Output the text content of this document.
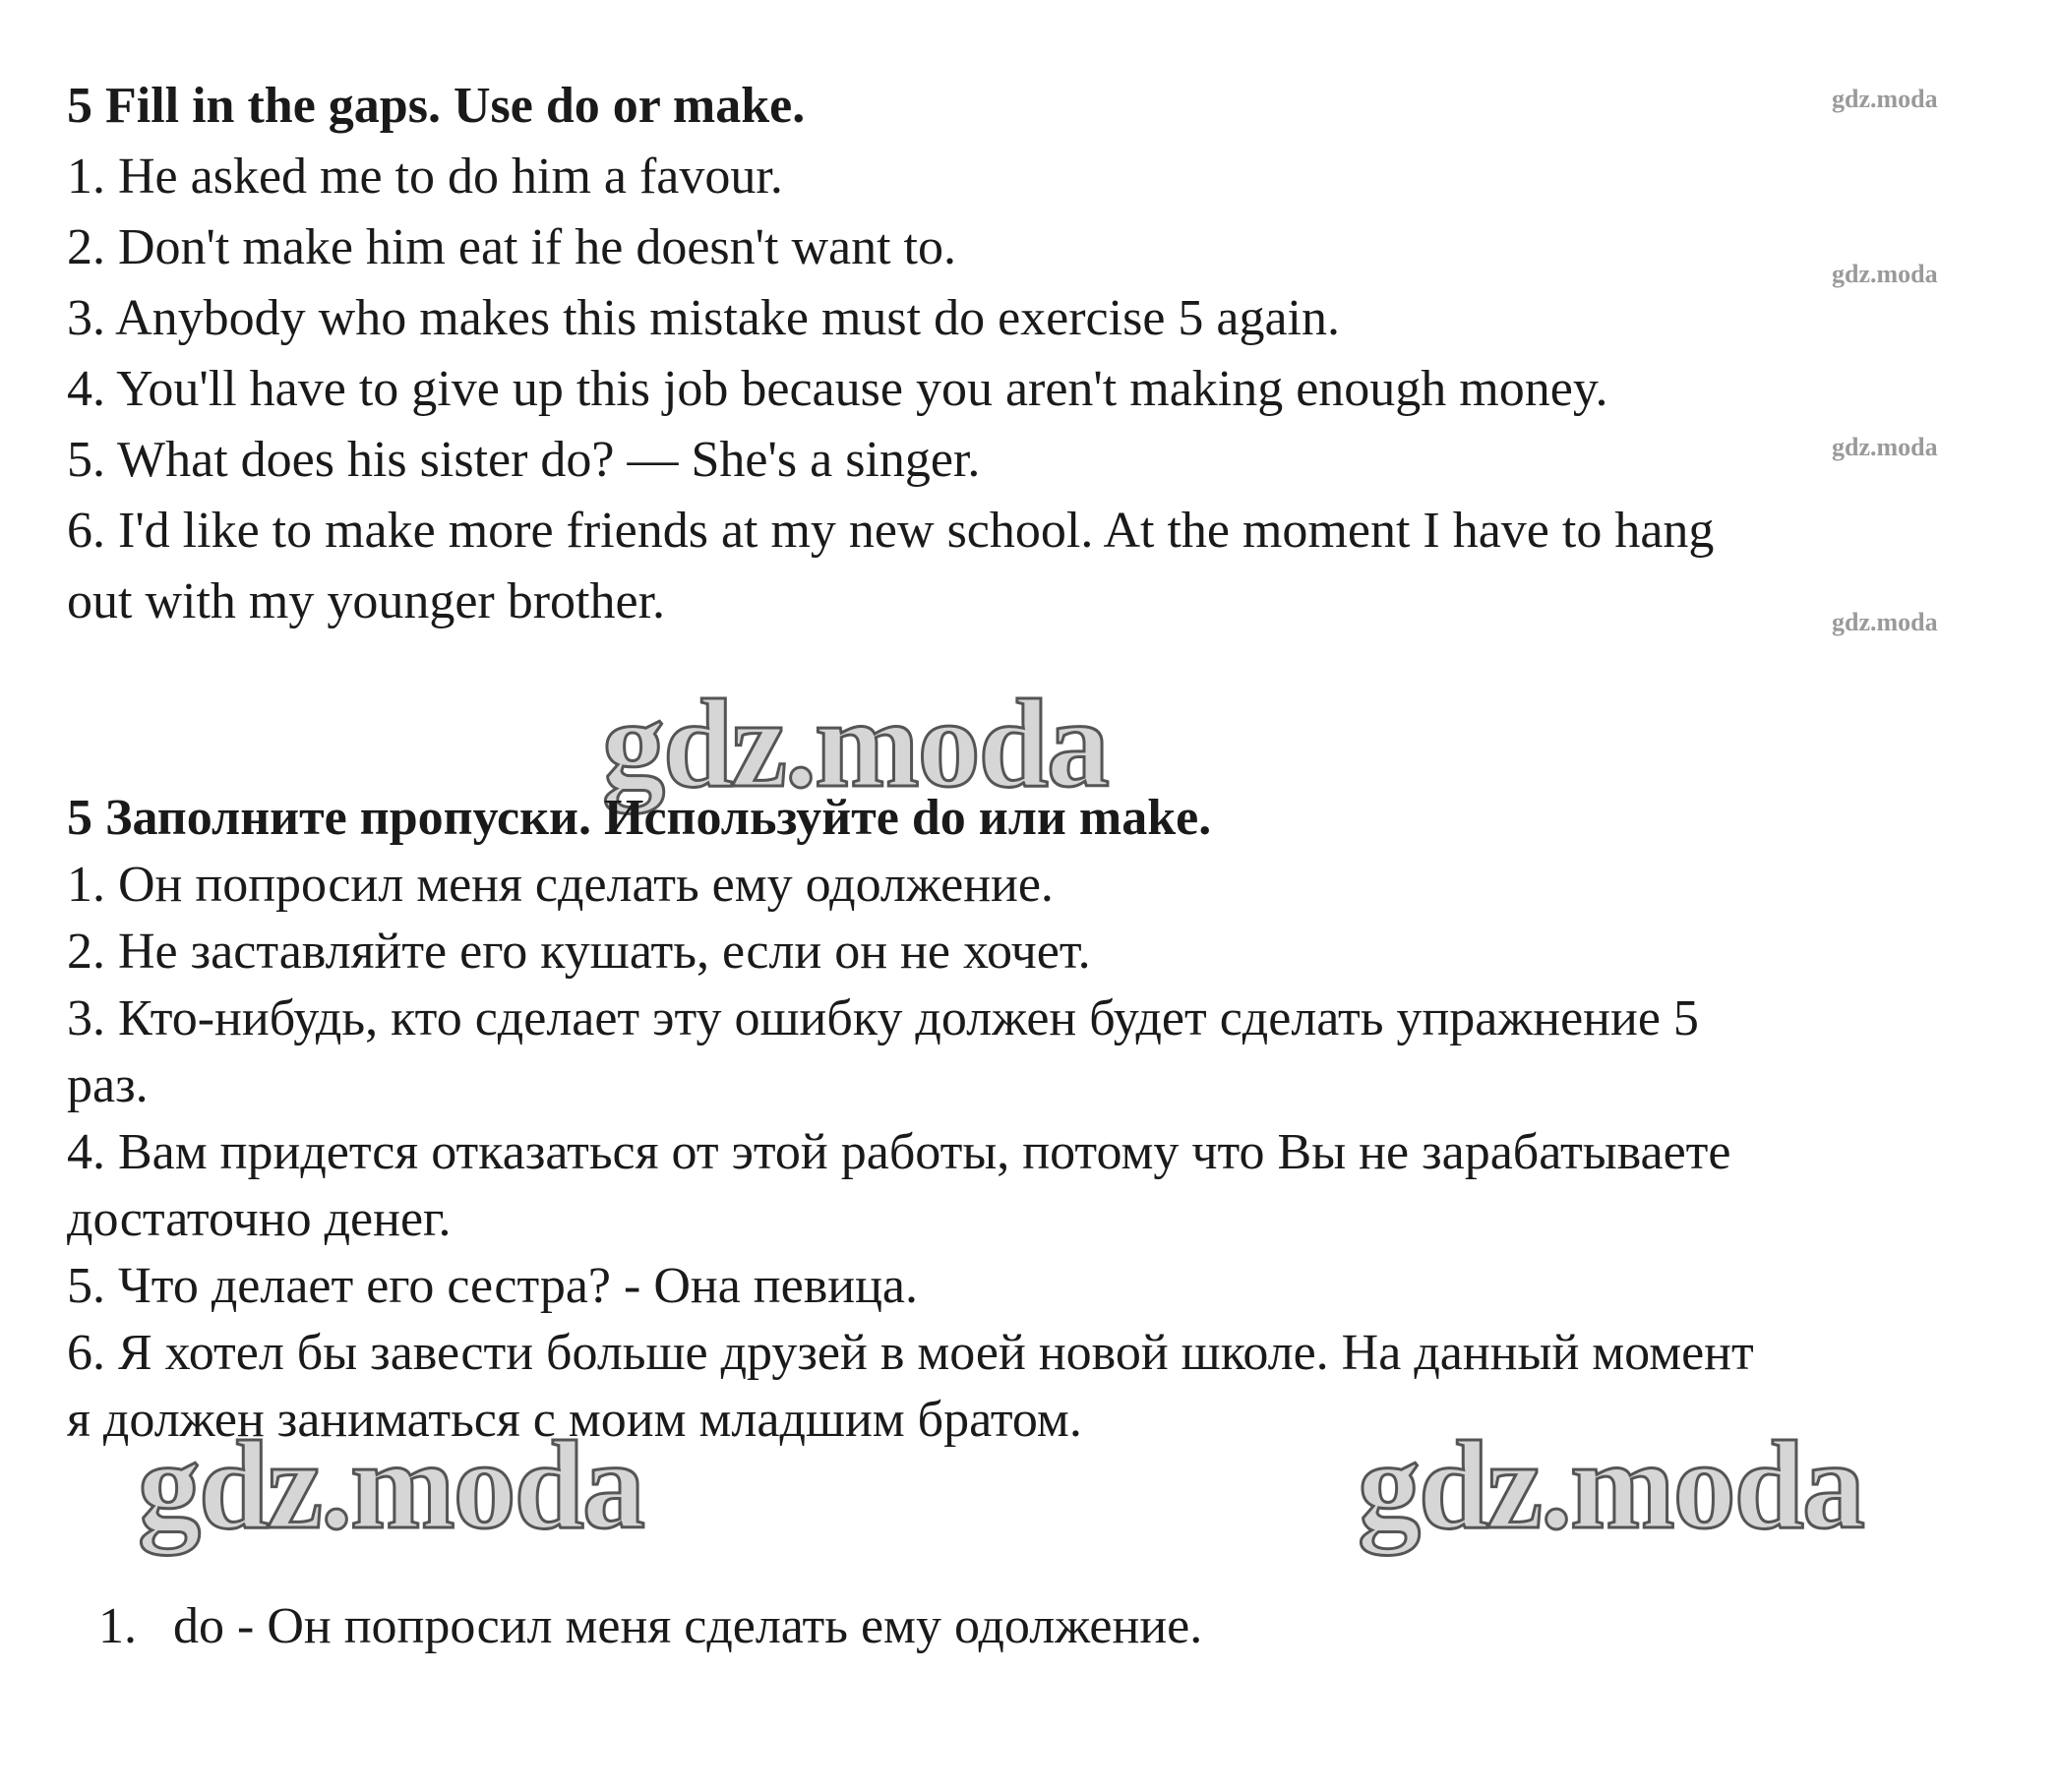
5 Fill in the gaps. Use do or make.
1. He asked me to do him a favour.
2. Don't make him eat if he doesn't want to.
3. Anybody who makes this mistake must do exercise 5 again.
4. You'll have to give up this job because you aren't making enough money.
5. What does his sister do? — She's a singer.
6. I'd like to make more friends at my new school. At the moment I have to hang
out with my younger brother.
gdz.moda
gdz.moda
gdz.moda
gdz.moda
gdz.moda
5 Заполните пропуски. Используйте do или make.
1. Он попросил меня сделать ему одолжение.
2. Не заставляйте его кушать, если он не хочет.
3. Кто-нибудь, кто сделает эту ошибку должен будет сделать упражнение 5
раз.
4. Вам придется отказаться от этой работы, потому что Вы не зарабатываете
достаточно денег.
5. Что делает его сестра? - Она певица.
6. Я хотел бы завести больше друзей в моей новой школе. На данный момент
я должен заниматься с моим младшим братом.
gdz.moda	gdz.moda
1. do - Он попросил меня сделать ему одолжение.
